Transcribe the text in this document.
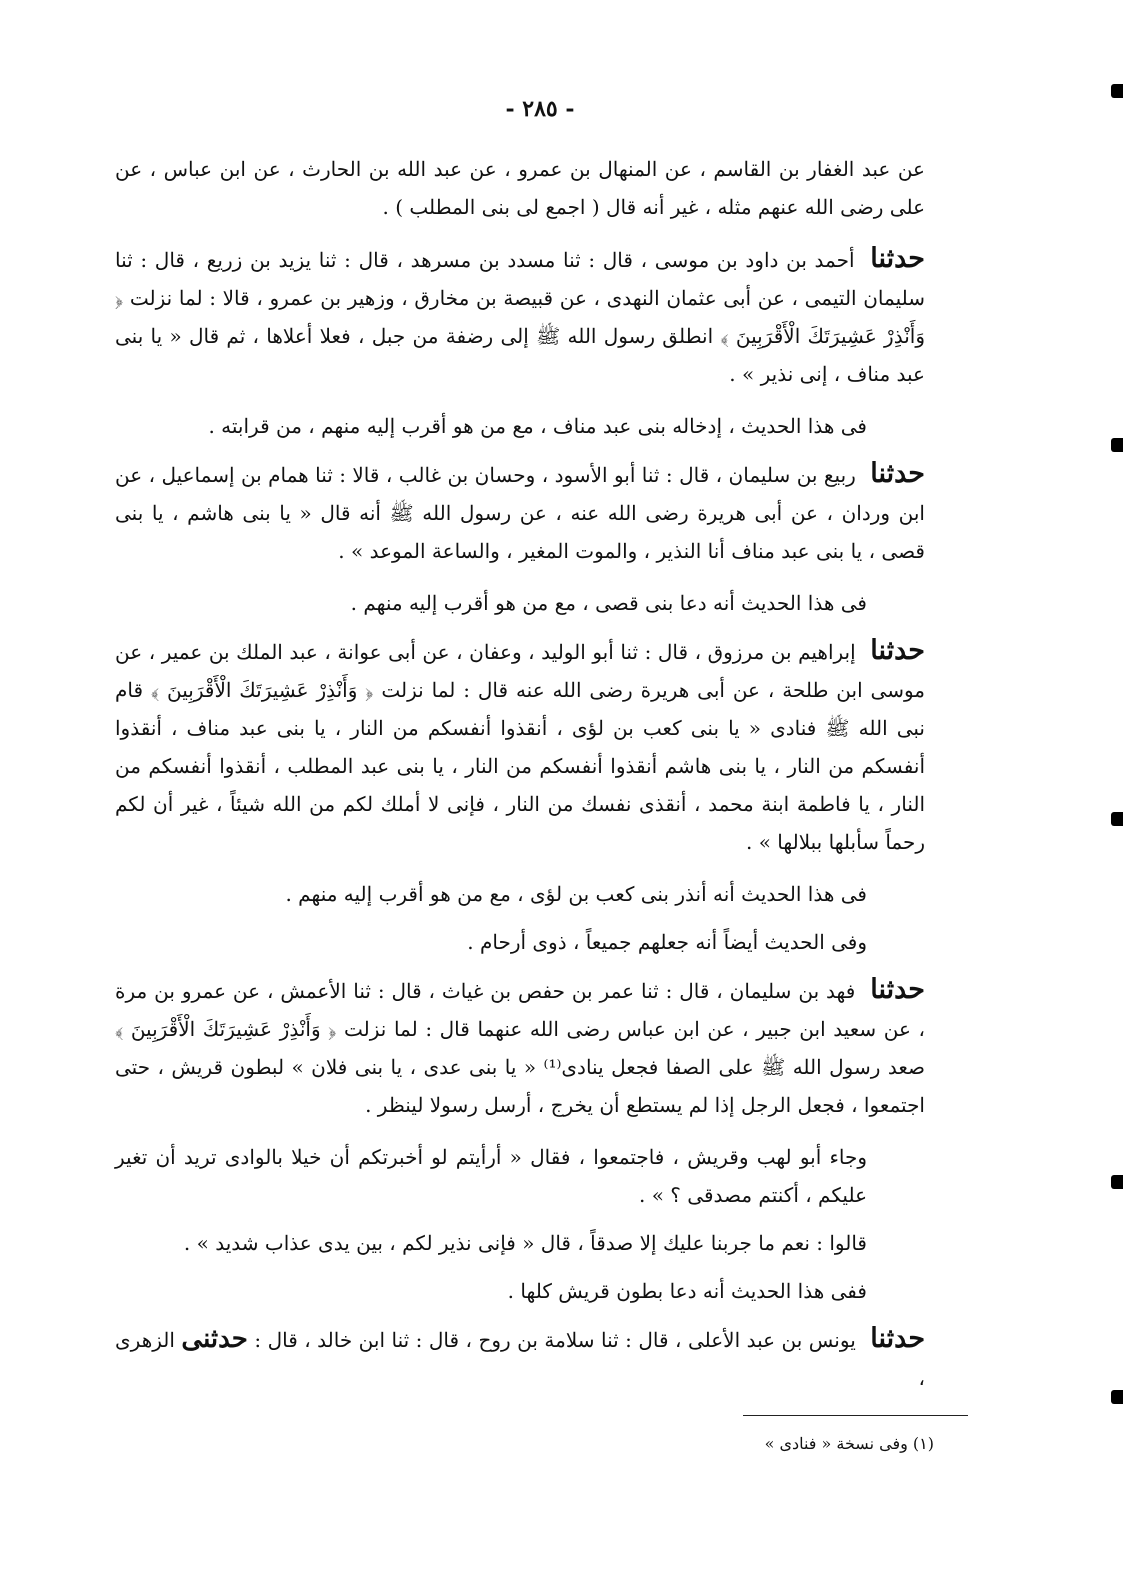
- ٢٨٥ -

عن عبد الغفار بن القاسم ، عن المنهال بن عمرو ، عن عبد الله بن الحارث ، عن ابن عباس ، عن على رضى الله عنهم مثله ، غير أنه قال ( اجمع لى بنى المطلب ) .

حدثنا أحمد بن داود بن موسى ، قال : ثنا مسدد بن مسرهد ، قال : ثنا يزيد بن زريع ، قال : ثنا سليمان التيمى ، عن أبى عثمان النهدى ، عن قبيصة بن مخارق ، وزهير بن عمرو ، قالا : لما نزلت ﴿ وَأَنْذِرْ عَشِيرَتَكَ الْأَقْرَبِينَ ﴾ انطلق رسول الله ﷺ إلى رضفة من جبل ، فعلا أعلاها ، ثم قال « يا بنى عبد مناف ، إنى نذير » .

فى هذا الحديث ، إدخاله بنى عبد مناف ، مع من هو أقرب إليه منهم ، من قرابته .

حدثنا ربيع بن سليمان ، قال : ثنا أبو الأسود ، وحسان بن غالب ، قالا : ثنا همام بن إسماعيل ، عن ابن وردان ، عن أبى هريرة رضى الله عنه ، عن رسول الله ﷺ أنه قال « يا بنى هاشم ، يا بنى قصى ، يا بنى عبد مناف أنا النذير ، والموت المغير ، والساعة الموعد » .

فى هذا الحديث أنه دعا بنى قصى ، مع من هو أقرب إليه منهم .

حدثنا إبراهيم بن مرزوق ، قال : ثنا أبو الوليد ، وعفان ، عن أبى عوانة ، عبد الملك بن عمير ، عن موسى ابن طلحة ، عن أبى هريرة رضى الله عنه قال : لما نزلت ﴿ وَأَنْذِرْ عَشِيرَتَكَ الْأَقْرَبِينَ ﴾ قام نبى الله ﷺ فنادى « يا بنى كعب بن لؤى ، أنقذوا أنفسكم من النار ، يا بنى عبد مناف ، أنقذوا أنفسكم من النار ، يا بنى هاشم أنقذوا أنفسكم من النار ، يا بنى عبد المطلب ، أنقذوا أنفسكم من النار ، يا فاطمة ابنة محمد ، أنقذى نفسك من النار ، فإنى لا أملك لكم من الله شيئاً ، غير أن لكم رحماً سأبلها ببلالها » .

فى هذا الحديث أنه أنذر بنى كعب بن لؤى ، مع من هو أقرب إليه منهم .

وفى الحديث أيضاً أنه جعلهم جميعاً ، ذوى أرحام .

حدثنا فهد بن سليمان ، قال : ثنا عمر بن حفص بن غياث ، قال : ثنا الأعمش ، عن عمرو بن مرة ، عن سعيد ابن جبير ، عن ابن عباس رضى الله عنهما قال : لما نزلت ﴿ وَأَنْذِرْ عَشِيرَتَكَ الْأَقْرَبِينَ ﴾ صعد رسول الله ﷺ على الصفا فجعل ينادى⁽¹⁾ « يا بنى عدى ، يا بنى فلان » لبطون قريش ، حتى اجتمعوا ، فجعل الرجل إذا لم يستطع أن يخرج ، أرسل رسولا لينظر .

وجاء أبو لهب وقريش ، فاجتمعوا ، فقال « أرأيتم لو أخبرتكم أن خيلا بالوادى تريد أن تغير عليكم ، أكنتم مصدقى ؟ » .

قالوا : نعم ما جربنا عليك إلا صدقاً ، قال « فإنى نذير لكم ، بين يدى عذاب شديد » .

ففى هذا الحديث أنه دعا بطون قريش كلها .

حدثنا يونس بن عبد الأعلى ، قال : ثنا سلامة بن روح ، قال : ثنا ابن خالد ، قال : حدثنى الزهرى ،

(١) وفى نسخة « فنادى »
